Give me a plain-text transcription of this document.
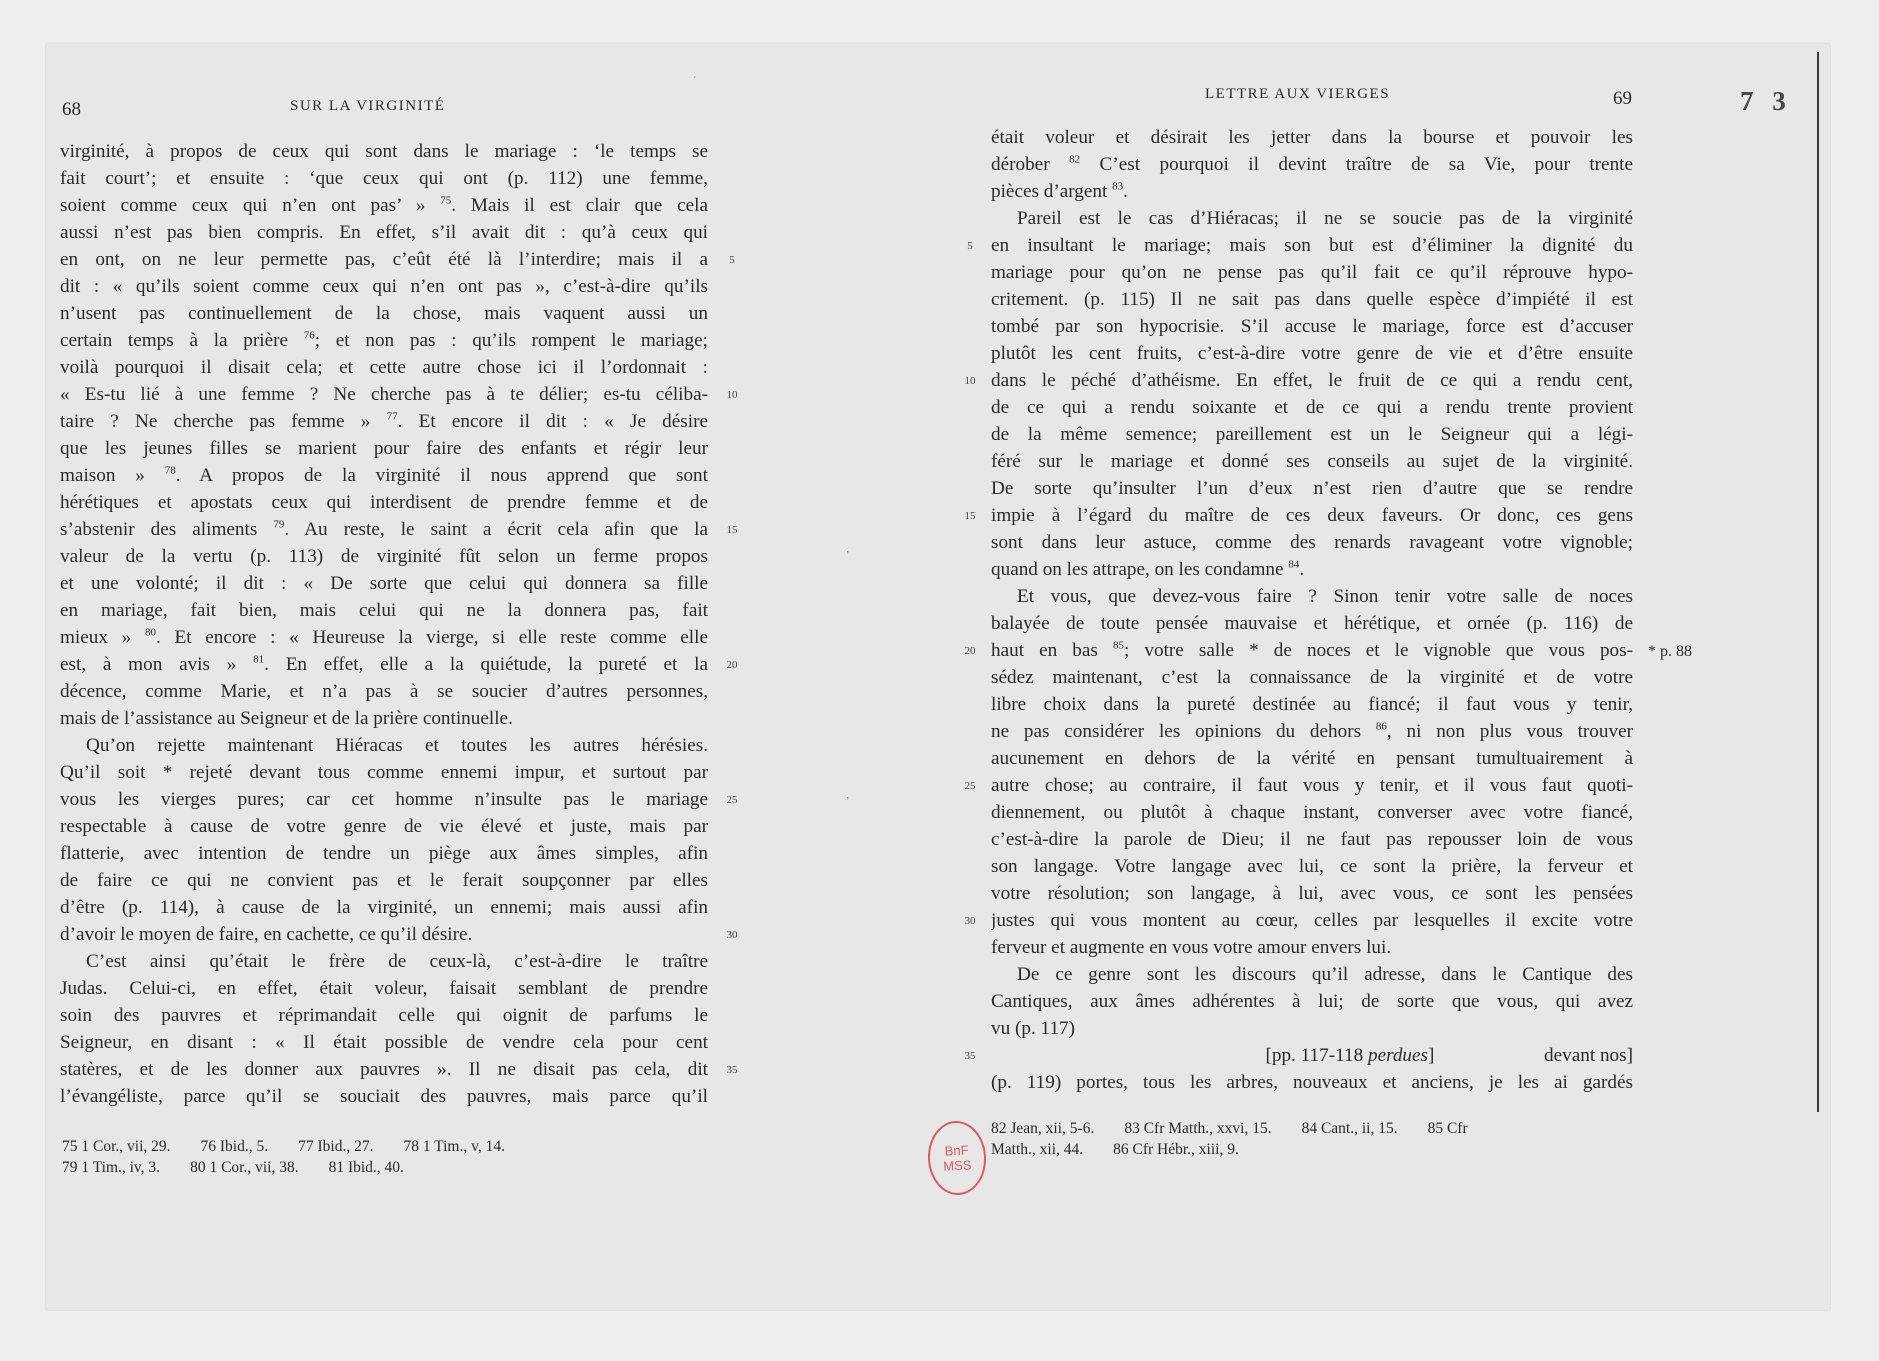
7 3
68	SUR LA VIRGINITÉ
virginité, à propos de ceux qui sont dans le mariage : ‘le temps se
fait court’; et ensuite : ‘que ceux qui ont (p. 112) une femme,
soient comme ceux qui n’en ont pas’ » $^{75}$. Mais il est clair que cela
aussi n’est pas bien compris. En effet, s’il avait dit : qu’à ceux qui
en ont, on ne leur permette pas, c’eût été là l’interdire; mais il a
dit : « qu’ils soient comme ceux qui n’en ont pas », c’est-à-dire qu’ils
n’usent pas continuellement de la chose, mais vaquent aussi un
certain temps à la prière $^{76}$; et non pas : qu’ils rompent le mariage;
voilà pourquoi il disait cela; et cette autre chose ici il l’ordonnait :
« Es-tu lié à une femme ? Ne cherche pas à te délier; es-tu céliba-
taire ? Ne cherche pas femme » $^{77}$. Et encore il dit : « Je désire
que les jeunes filles se marient pour faire des enfants et régir leur
maison » $^{78}$. A propos de la virginité il nous apprend que sont
hérétiques et apostats ceux qui interdisent de prendre femme et de
s’abstenir des aliments $^{79}$. Au reste, le saint a écrit cela afin que la
valeur de la vertu (p. 113) de virginité fût selon un ferme propos
et une volonté; il dit : « De sorte que celui qui donnera sa fille
en mariage, fait bien, mais celui qui ne la donnera pas, fait
mieux » $^{80}$. Et encore : « Heureuse la vierge, si elle reste comme elle
est, à mon avis » $^{81}$. En effet, elle a la quiétude, la pureté et la
décence, comme Marie, et n’a pas à se soucier d’autres personnes,
mais de l’assistance au Seigneur et de la prière continuelle.
Qu’on rejette maintenant Hiéracas et toutes les autres hérésies.
Qu’il soit * rejeté devant tous comme ennemi impur, et surtout par
vous les vierges pures; car cet homme n’insulte pas le mariage
respectable à cause de votre genre de vie élevé et juste, mais par
flatterie, avec intention de tendre un piège aux âmes simples, afin
de faire ce qui ne convient pas et le ferait soupçonner par elles
d’être (p. 114), à cause de la virginité, un ennemi; mais aussi afin
d’avoir le moyen de faire, en cachette, ce qu’il désire.
C’est ainsi qu’était le frère de ceux-là, c’est-à-dire le traître
Judas. Celui-ci, en effet, était voleur, faisait semblant de prendre
soin des pauvres et réprimandait celle qui oignit de parfums le
Seigneur, en disant : « Il était possible de vendre cela pour cent
statères, et de les donner aux pauvres ». Il ne disait pas cela, dit
l’évangéliste, parce qu’il se souciait des pauvres, mais parce qu’il
5
10
15
20
25
30
35
75 1 Cor., vii, 29. 76 Ibid., 5. 77 Ibid., 27. 78 1 Tim., v, 14.
79 1 Tim., iv, 3. 80 1 Cor., vii, 38. 81 Ibid., 40.
LETTRE AUX VIERGES	69
était voleur et désirait les jetter dans la bourse et pouvoir les
dérober $^{82}$ C’est pourquoi il devint traître de sa Vie, pour trente
pièces d’argent $^{83}$.
Pareil est le cas d’Hiéracas; il ne se soucie pas de la virginité
en insultant le mariage; mais son but est d’éliminer la dignité du
mariage pour qu’on ne pense pas qu’il fait ce qu’il réprouve hypo-
critement. (p. 115) Il ne sait pas dans quelle espèce d’impiété il est
tombé par son hypocrisie. S’il accuse le mariage, force est d’accuser
plutôt les cent fruits, c’est-à-dire votre genre de vie et d’être ensuite
dans le péché d’athéisme. En effet, le fruit de ce qui a rendu cent,
de ce qui a rendu soixante et de ce qui a rendu trente provient
de la même semence; pareillement est un le Seigneur qui a légi-
féré sur le mariage et donné ses conseils au sujet de la virginité.
De sorte qu’insulter l’un d’eux n’est rien d’autre que se rendre
impie à l’égard du maître de ces deux faveurs. Or donc, ces gens
sont dans leur astuce, comme des renards ravageant votre vignoble;
quand on les attrape, on les condamne $^{84}$.
Et vous, que devez-vous faire ? Sinon tenir votre salle de noces
balayée de toute pensée mauvaise et hérétique, et ornée (p. 116) de
haut en bas $^{85}$; votre salle * de noces et le vignoble que vous pos-
sédez maintenant, c’est la connaissance de la virginité et de votre
libre choix dans la pureté destinée au fiancé; il faut vous y tenir,
ne pas considérer les opinions du dehors $^{86}$, ni non plus vous trouver
aucunement en dehors de la vérité en pensant tumultuairement à
autre chose; au contraire, il faut vous y tenir, et il vous faut quoti-
diennement, ou plutôt à chaque instant, converser avec votre fiancé,
c’est-à-dire la parole de Dieu; il ne faut pas repousser loin de vous
son langage. Votre langage avec lui, ce sont la prière, la ferveur et
votre résolution; son langage, à lui, avec vous, ce sont les pensées
justes qui vous montent au cœur, celles par lesquelles il excite votre
ferveur et augmente en vous votre amour envers lui.
De ce genre sont les discours qu’il adresse, dans le Cantique des
Cantiques, aux âmes adhérentes à lui; de sorte que vous, qui avez
vu (p. 117)
[pp. 117-118 perdues]	devant nos]
(p. 119) portes, tous les arbres, nouveaux et anciens, je les ai gardés
5
10
15
20
25
30
35
* p. 88
82 Jean, xii, 5-6. 83 Cfr Matth., xxvi, 15. 84 Cant., ii, 15. 85 Cfr
Matth., xii, 44. 86 Cfr Hébr., xiii, 9.
BnF
MSS
ˊ
ʼ
ʼ
